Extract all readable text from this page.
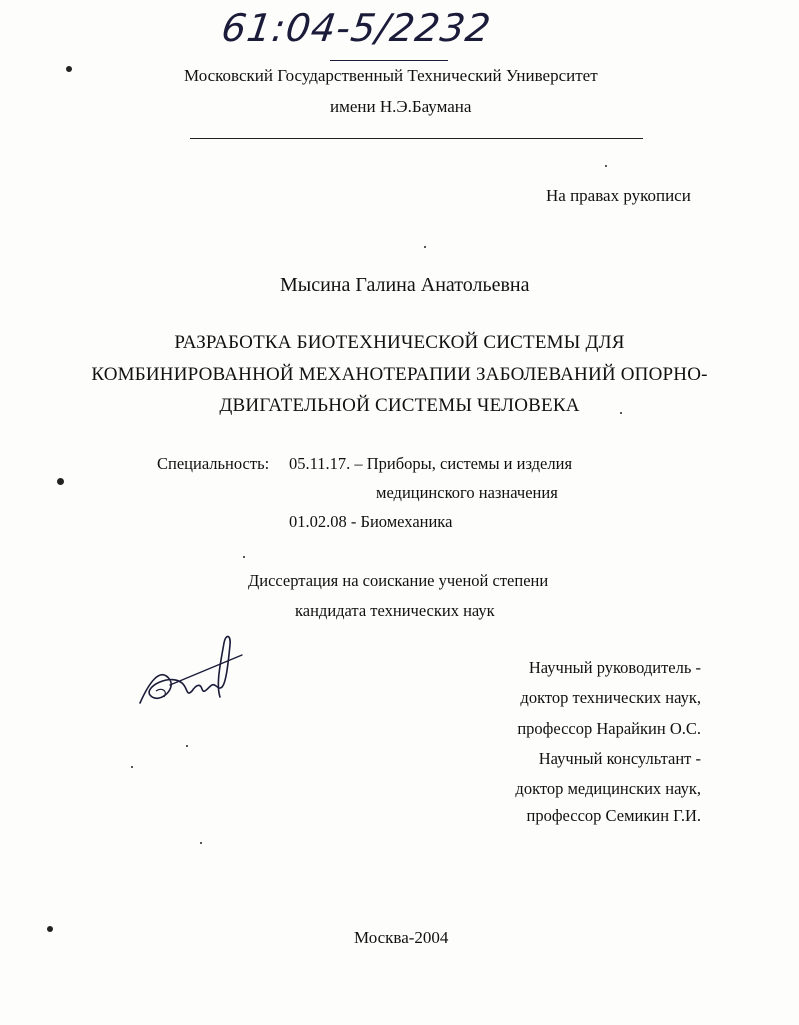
61:04-5/2232
Московский Государственный Технический Университет
имени Н.Э.Баумана
На правах рукописи
Мысина Галина Анатольевна
РАЗРАБОТКА БИОТЕХНИЧЕСКОЙ СИСТЕМЫ ДЛЯ
КОМБИНИРОВАННОЙ МЕХАНОТЕРАПИИ ЗАБОЛЕВАНИЙ ОПОРНО-
ДВИГАТЕЛЬНОЙ СИСТЕМЫ ЧЕЛОВЕКА
Специальность: 05.11.17. – Приборы, системы и изделия
медицинского назначения
01.02.08 - Биомеханика
Диссертация на соискание ученой степени
кандидата технических наук
Научный руководитель -
доктор технических наук,
профессор Нарайкин О.С.
Научный консультант -
доктор медицинских наук,
профессор Семикин Г.И.
Москва-2004
